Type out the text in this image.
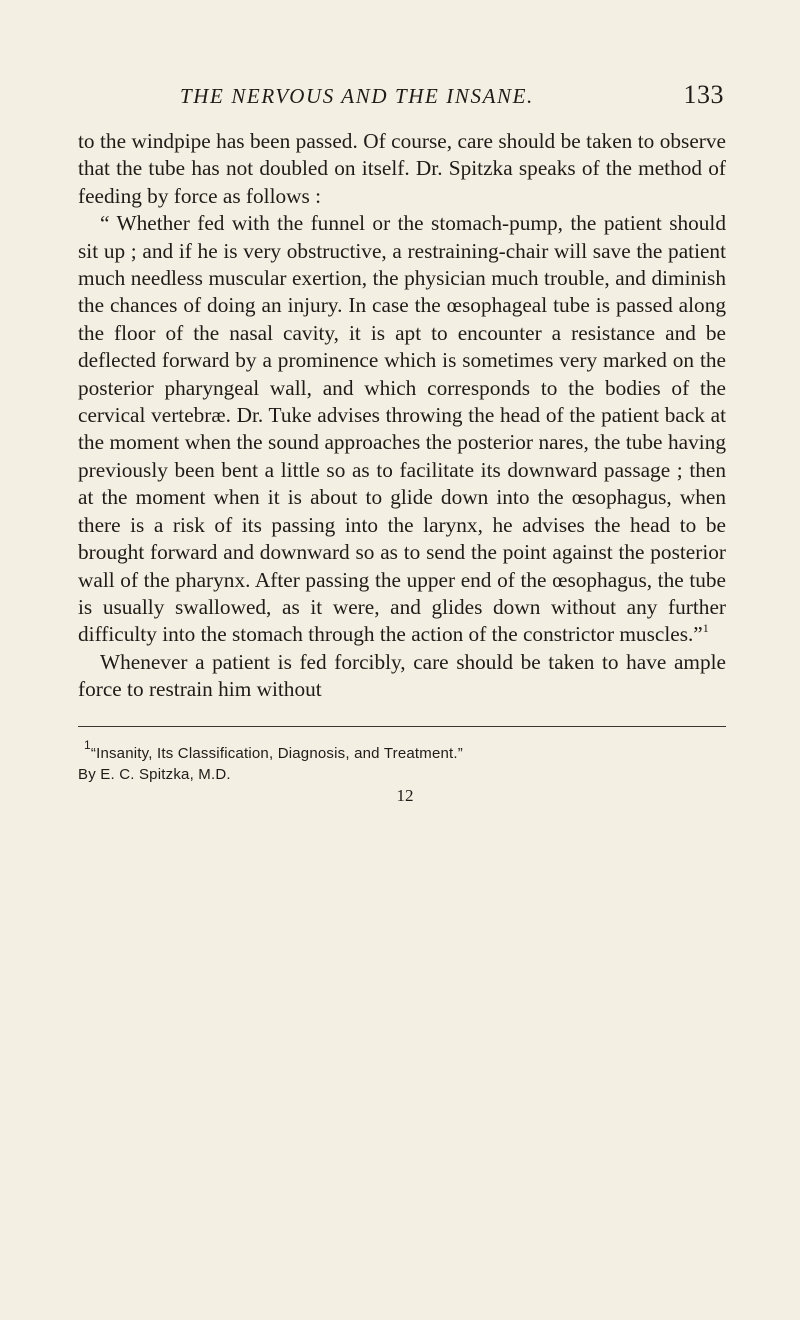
THE NERVOUS AND THE INSANE.	133

to the windpipe has been passed. Of course, care should be taken to observe that the tube has not doubled on itself. Dr. Spitzka speaks of the method of feeding by force as follows :

“ Whether fed with the funnel or the stomach-pump, the patient should sit up ; and if he is very obstructive, a restraining-chair will save the patient much needless muscular exertion, the physician much trouble, and diminish the chances of doing an injury. In case the œsophageal tube is passed along the floor of the nasal cavity, it is apt to encounter a resistance and be deflected forward by a prominence which is sometimes very marked on the posterior pharyngeal wall, and which corresponds to the bodies of the cervical vertebræ. Dr. Tuke advises throwing the head of the patient back at the moment when the sound approaches the posterior nares, the tube having previously been bent a little so as to facilitate its downward passage ; then at the moment when it is about to glide down into the œsophagus, when there is a risk of its passing into the larynx, he advises the head to be brought forward and downward so as to send the point against the posterior wall of the pharynx. After passing the upper end of the œsophagus, the tube is usually swallowed, as it were, and glides down without any further difficulty into the stomach through the action of the constrictor muscles.”$^1$

Whenever a patient is fed forcibly, care should be taken to have ample force to restrain him without

$^1$“Insanity, Its Classification, Diagnosis, and Treatment.”
By E. C. Spitzka, M.D.
12
